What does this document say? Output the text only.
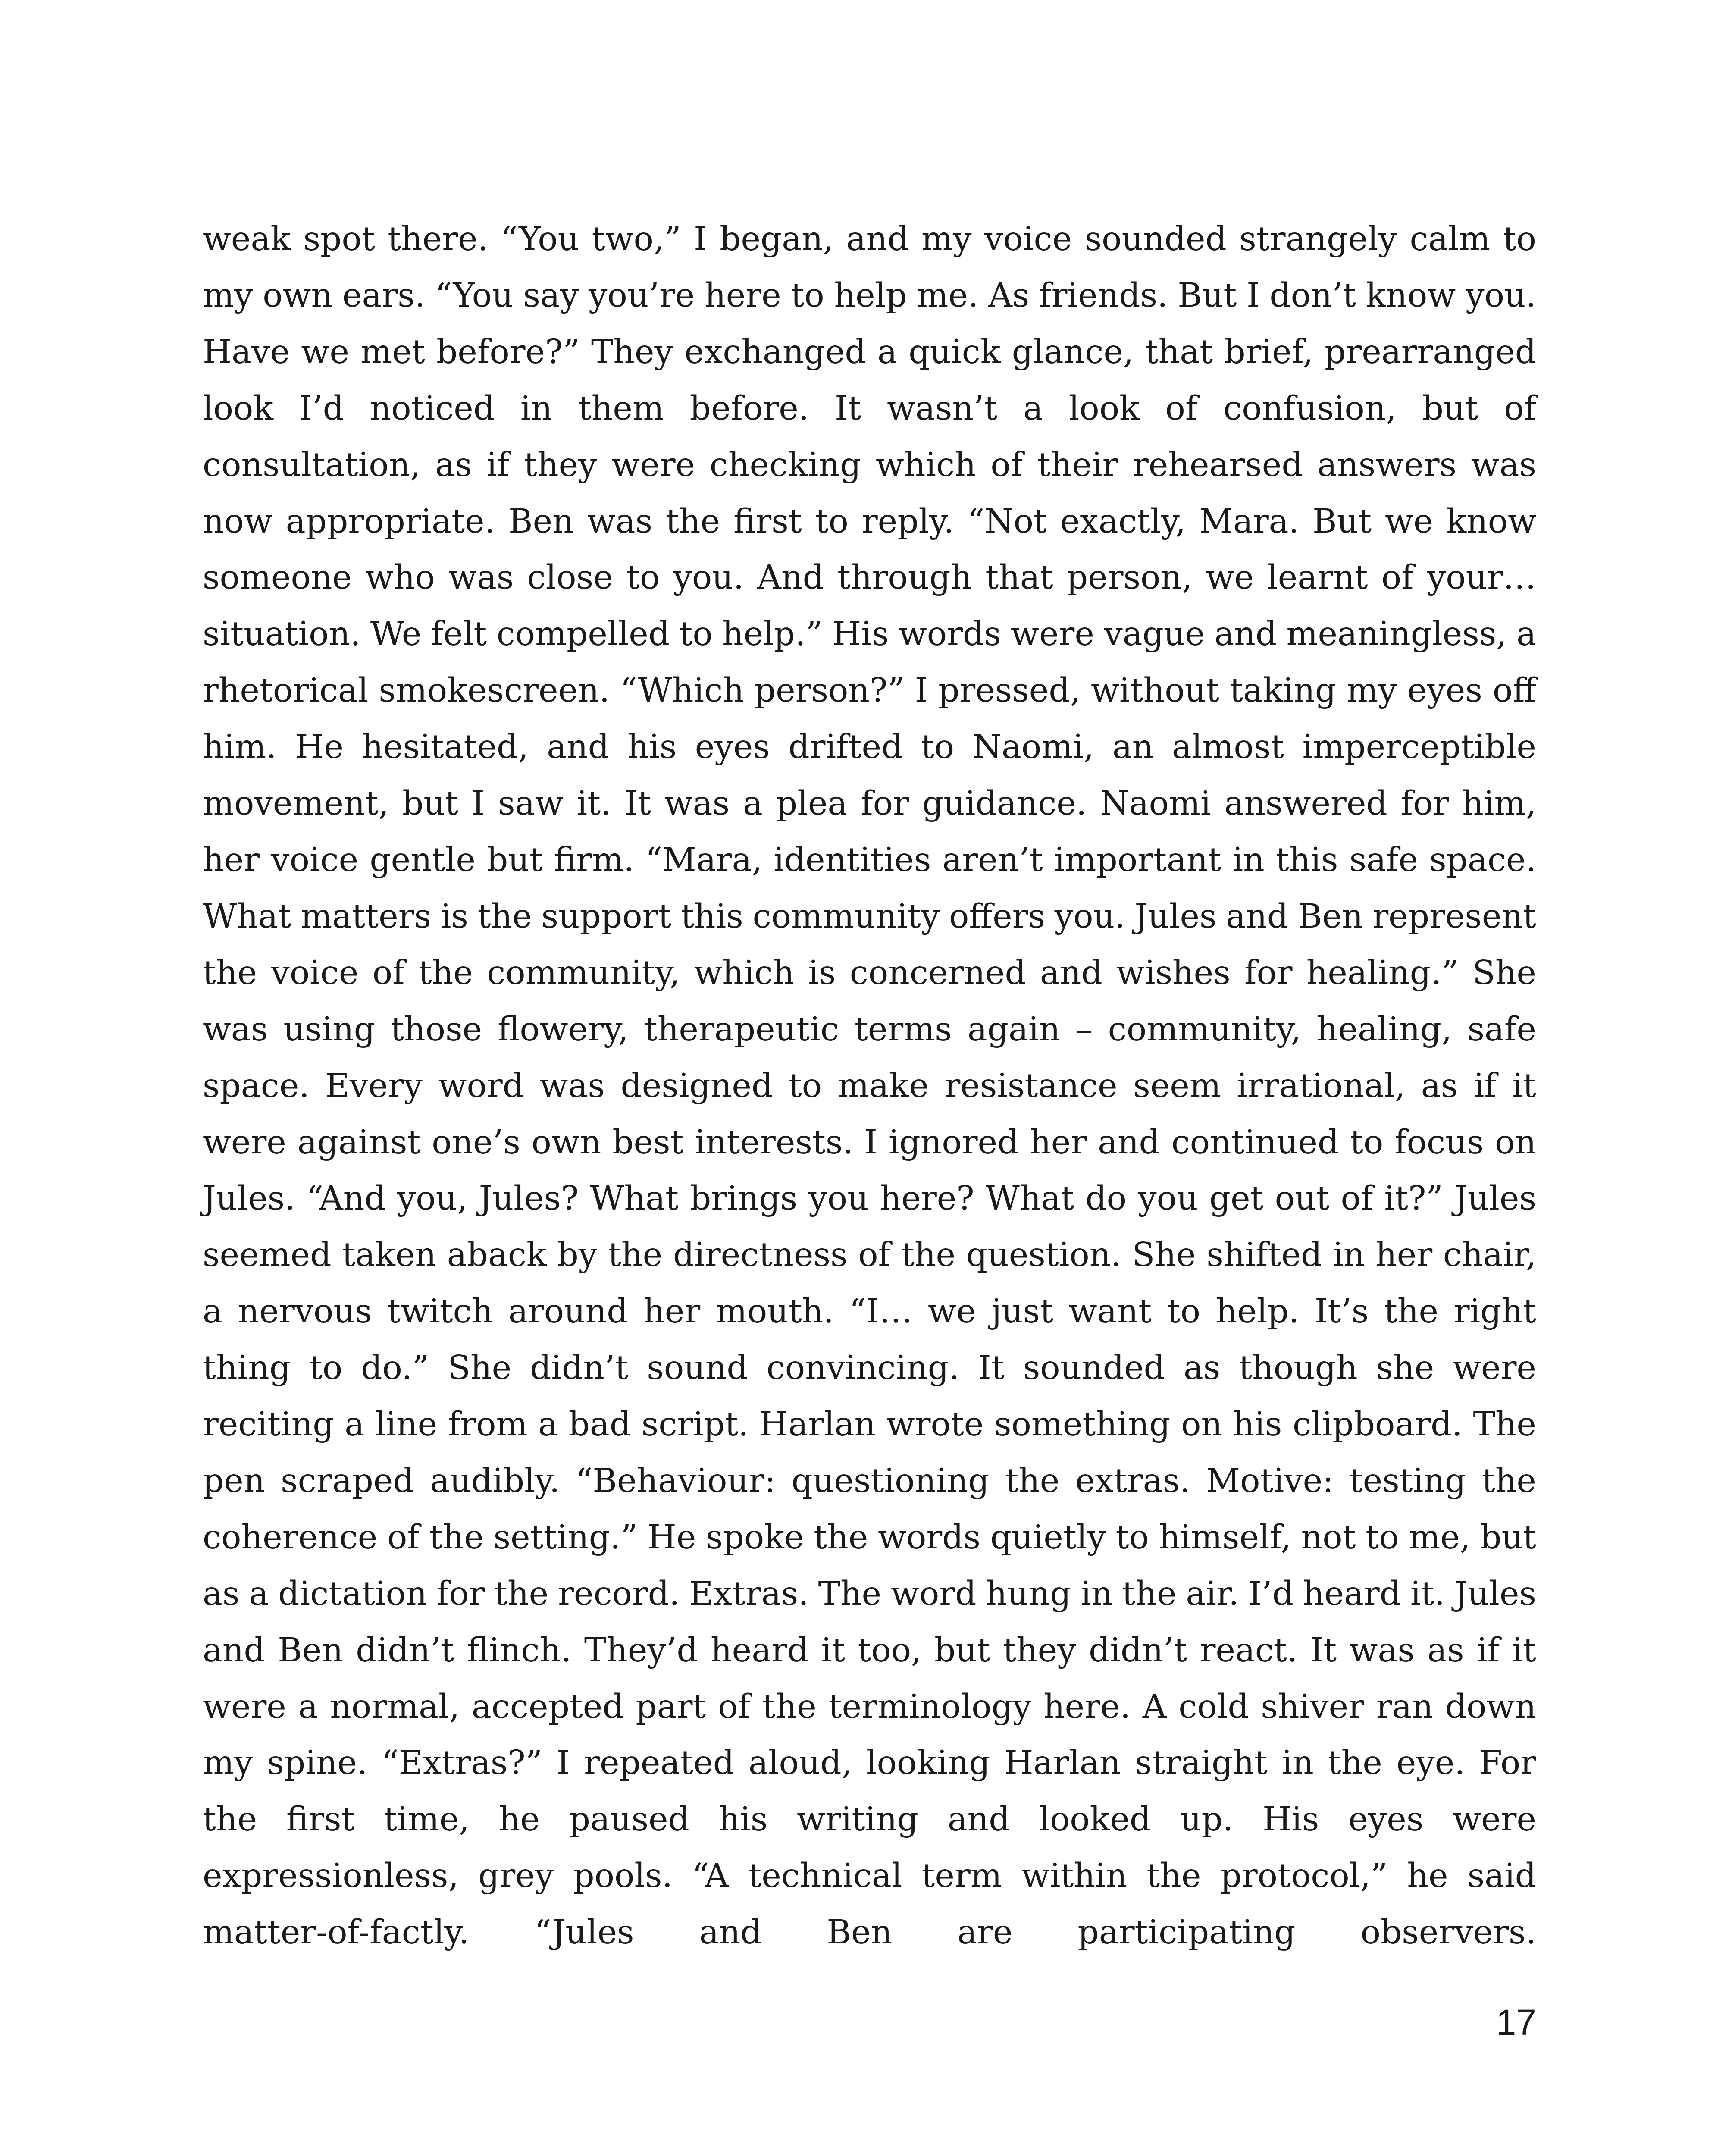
weak spot there. “You two,” I began, and my voice sounded strangely calm to my own ears. “You say you’re here to help me. As friends. But I don’t know you. Have we met before?” They exchanged a quick glance, that brief, prearranged look I’d noticed in them before. It wasn’t a look of confusion, but of consultation, as if they were checking which of their rehearsed answers was now appropriate. Ben was the first to reply. “Not exactly, Mara. But we know someone who was close to you. And through that person, we learnt of your… situation. We felt compelled to help.” His words were vague and meaningless, a rhetorical smokescreen. “Which person?” I pressed, without taking my eyes off him. He hesitated, and his eyes drifted to Naomi, an almost imperceptible movement, but I saw it. It was a plea for guidance. Naomi answered for him, her voice gentle but firm. “Mara, identities aren’t important in this safe space. What matters is the support this community offers you. Jules and Ben represent the voice of the community, which is concerned and wishes for healing.” She was using those flowery, therapeutic terms again – community, healing, safe space. Every word was designed to make resistance seem irrational, as if it were against one’s own best interests. I ignored her and continued to focus on Jules. “And you, Jules? What brings you here? What do you get out of it?” Jules seemed taken aback by the directness of the question. She shifted in her chair, a nervous twitch around her mouth. “I… we just want to help. It’s the right thing to do.” She didn’t sound convincing. It sounded as though she were reciting a line from a bad script. Harlan wrote something on his clipboard. The pen scraped audibly. “Behaviour: questioning the extras. Motive: testing the coherence of the setting.” He spoke the words quietly to himself, not to me, but as a dictation for the record. Extras. The word hung in the air. I’d heard it. Jules and Ben didn’t flinch. They’d heard it too, but they didn’t react. It was as if it were a normal, accepted part of the terminology here. A cold shiver ran down my spine. “Extras?” I repeated aloud, looking Harlan straight in the eye. For the first time, he paused his writing and looked up. His eyes were expressionless, grey pools. “A technical term within the protocol,” he said matter-of-factly. “Jules and Ben are participating observers.

17
